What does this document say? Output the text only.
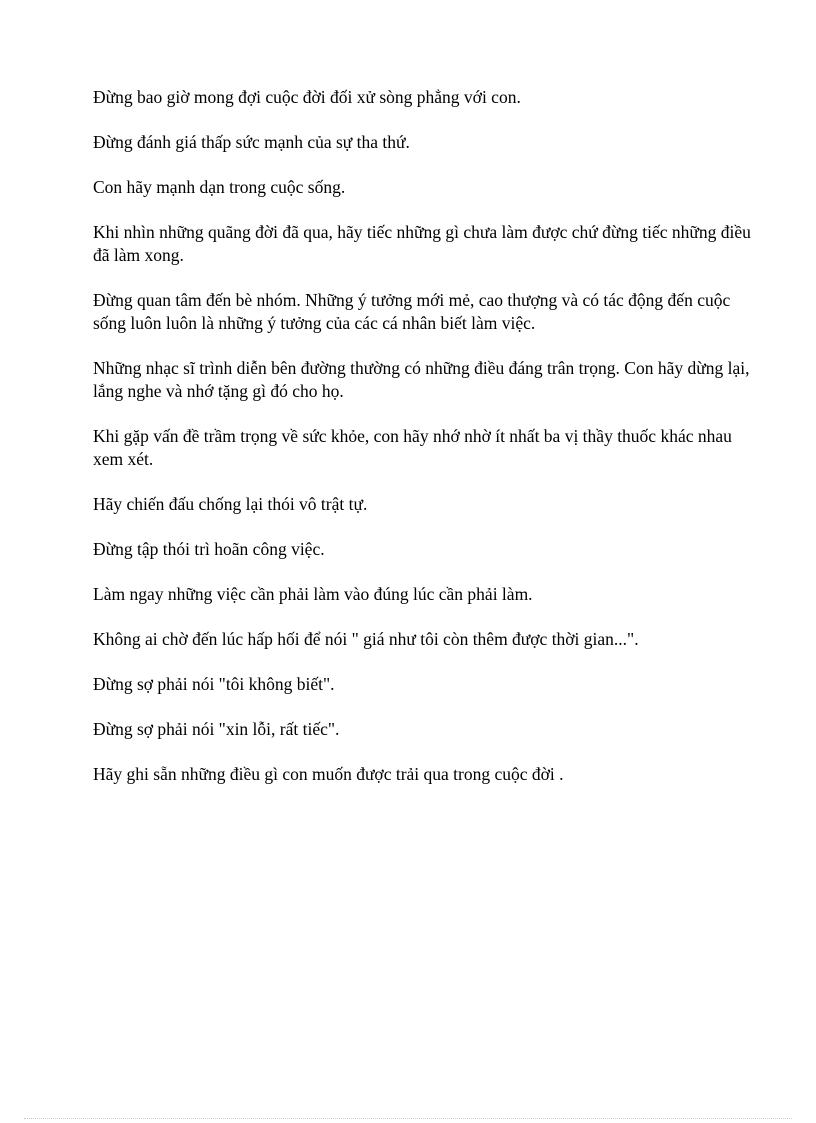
Đừng bao giờ mong đợi cuộc đời đối xử sòng phẳng với con.

Đừng đánh giá thấp sức mạnh của sự tha thứ.

Con hãy mạnh dạn trong cuộc sống.

Khi nhìn những quãng đời đã qua, hãy tiếc những gì chưa làm được chứ đừng tiếc những điều đã làm xong.

Đừng quan tâm đến bè nhóm. Những ý tưởng mới mẻ, cao thượng và có tác động đến cuộc sống luôn luôn là những ý tưởng của các cá nhân biết làm việc.

Những nhạc sĩ trình diễn bên đường thường có những điều đáng trân trọng. Con hãy dừng lại, lắng nghe và nhớ tặng gì đó cho họ.

Khi gặp vấn đề trầm trọng về sức khỏe, con hãy nhớ nhờ ít nhất ba vị thầy thuốc khác nhau xem xét.

Hãy chiến đấu chống lại thói vô trật tự.

Đừng tập thói trì hoãn công việc.

Làm ngay những việc cần phải làm vào đúng lúc cần phải làm.

Không ai chờ đến lúc hấp hối để nói " giá như tôi còn thêm được thời gian...".

Đừng sợ phải nói "tôi không biết".

Đừng sợ phải nói "xin lỗi, rất tiếc".

Hãy ghi sẵn những điều gì con muốn được trải qua trong cuộc đời .
